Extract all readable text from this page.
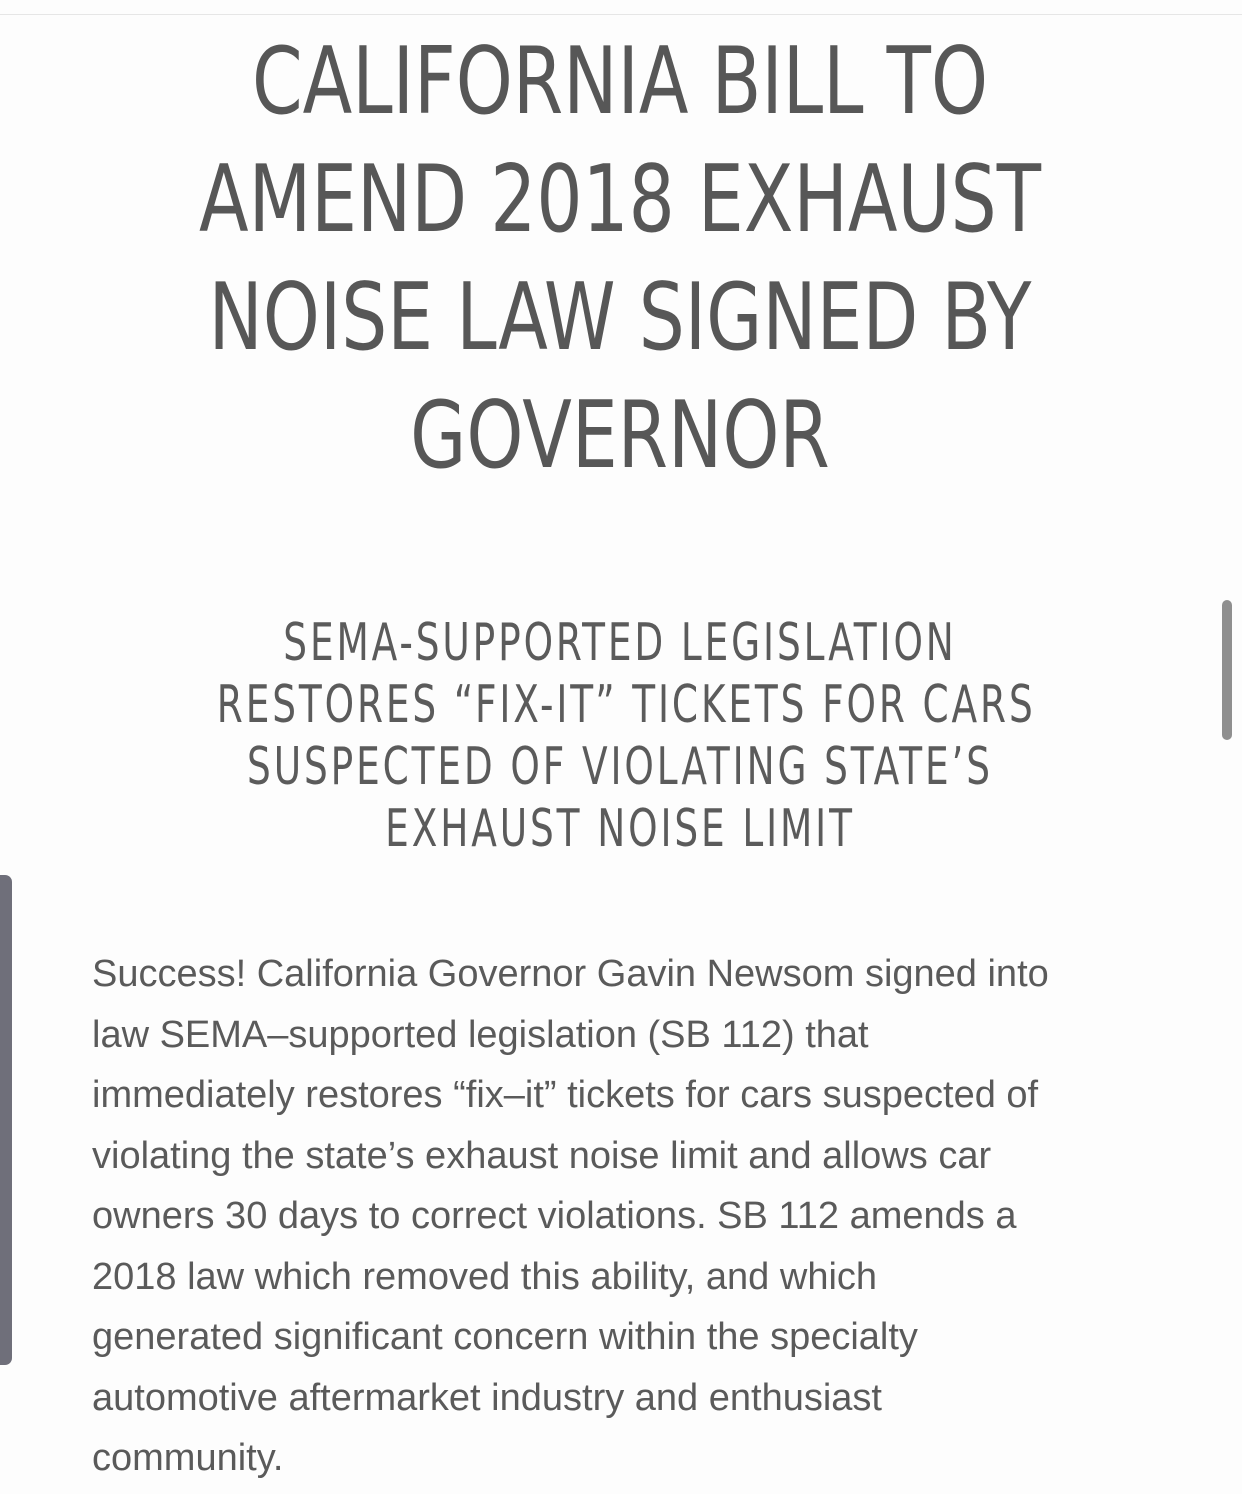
CALIFORNIA BILL TO
AMEND 2018 EXHAUST
NOISE LAW SIGNED BY
GOVERNOR
SEMA-SUPPORTED LEGISLATION
RESTORES “FIX-IT” TICKETS FOR CARS
SUSPECTED OF VIOLATING STATE’S
EXHAUST NOISE LIMIT
Success! California Governor Gavin Newsom signed into
law SEMA–supported legislation (SB 112) that
immediately restores “fix–it” tickets for cars suspected of
violating the state’s exhaust noise limit and allows car
owners 30 days to correct violations. SB 112 amends a
2018 law which removed this ability, and which
generated significant concern within the specialty
automotive aftermarket industry and enthusiast
community.
